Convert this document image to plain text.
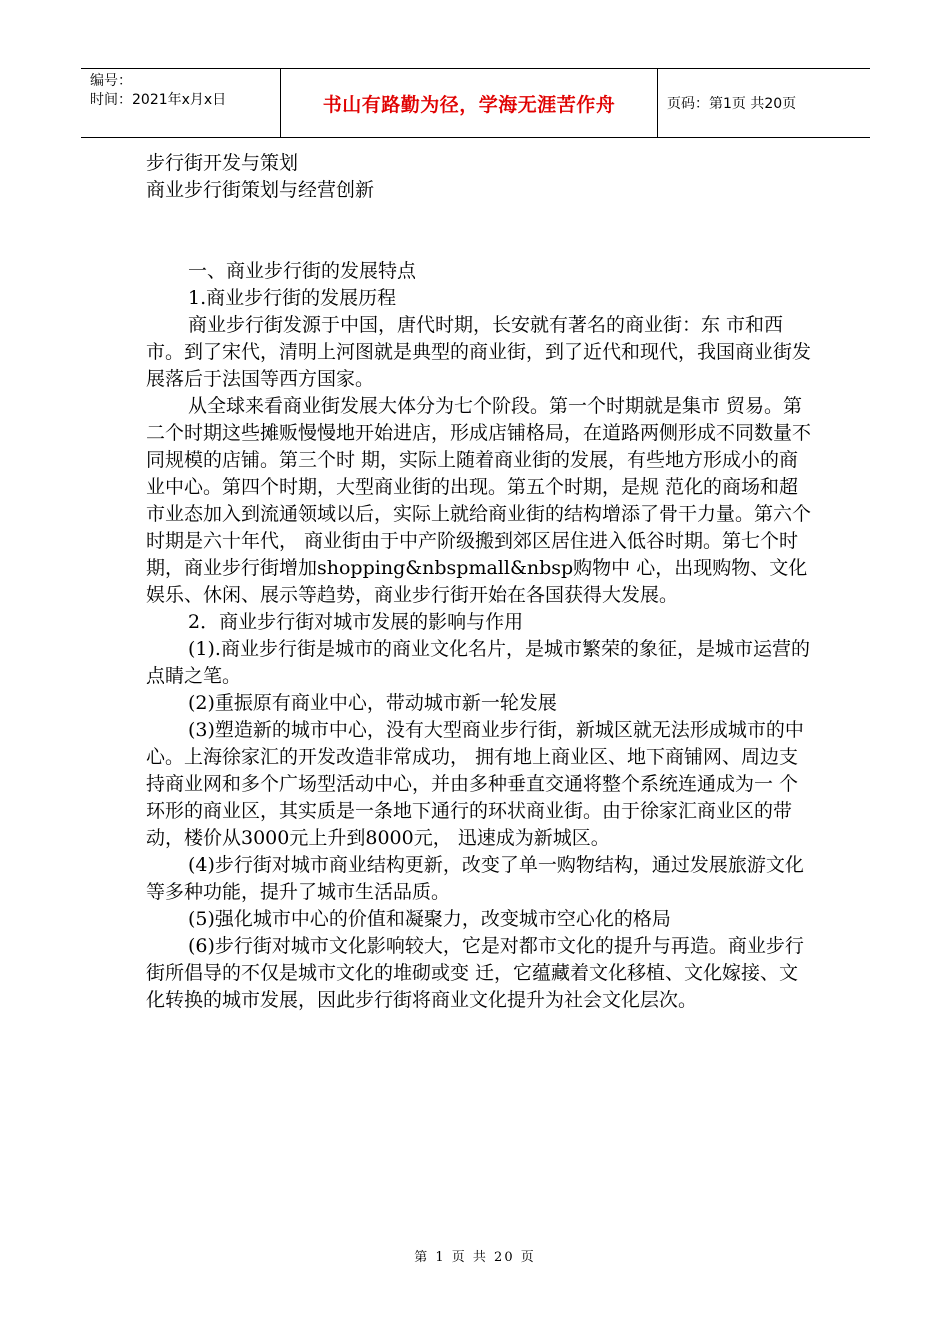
编号：
时间：2021年x月x日	书山有路勤为径，学海无涯苦作舟	页码：第1页 共20页

步行街开发与策划

商业步行街策划与经营创新

一、商业步行街的发展特点

1.商业步行街的发展历程

商业步行街发源于中国，唐代时期，长安就有著名的商业街：东 市和西市。到了宋代，清明上河图就是典型的商业街，到了近代和现代，我国商业街发展落后于法国等西方国家。

从全球来看商业街发展大体分为七个阶段。第一个时期就是集市 贸易。第二个时期这些摊贩慢慢地开始进店，形成店铺格局，在道路两侧形成不同数量不同规模的店铺。第三个时 期，实际上随着商业街的发展，有些地方形成小的商业中心。第四个时期，大型商业街的出现。第五个时期，是规 范化的商场和超市业态加入到流通领域以后，实际上就给商业街的结构增添了骨干力量。第六个时期是六十年代， 商业街由于中产阶级搬到郊区居住进入低谷时期。第七个时期，商业步行街增加shopping&nbspmall&nbsp购物中 心，出现购物、文化娱乐、休闲、展示等趋势，商业步行街开始在各国获得大发展。

2．商业步行街对城市发展的影响与作用

(1).商业步行街是城市的商业文化名片，是城市繁荣的象征，是城市运营的点睛之笔。

(2)重振原有商业中心，带动城市新一轮发展

(3)塑造新的城市中心，没有大型商业步行街，新城区就无法形成城市的中心。上海徐家汇的开发改造非常成功， 拥有地上商业区、地下商铺网、周边支持商业网和多个广场型活动中心，并由多种垂直交通将整个系统连通成为一 个环形的商业区，其实质是一条地下通行的环状商业街。由于徐家汇商业区的带动，楼价从3000元上升到8000元， 迅速成为新城区。

(4)步行街对城市商业结构更新，改变了单一购物结构，通过发展旅游文化等多种功能，提升了城市生活品质。

(5)强化城市中心的价值和凝聚力，改变城市空心化的格局

(6)步行街对城市文化影响较大，它是对都市文化的提升与再造。商业步行街所倡导的不仅是城市文化的堆砌或变 迁，它蕴藏着文化移植、文化嫁接、文化转换的城市发展，因此步行街将商业文化提升为社会文化层次。

第 1 页 共 20 页
